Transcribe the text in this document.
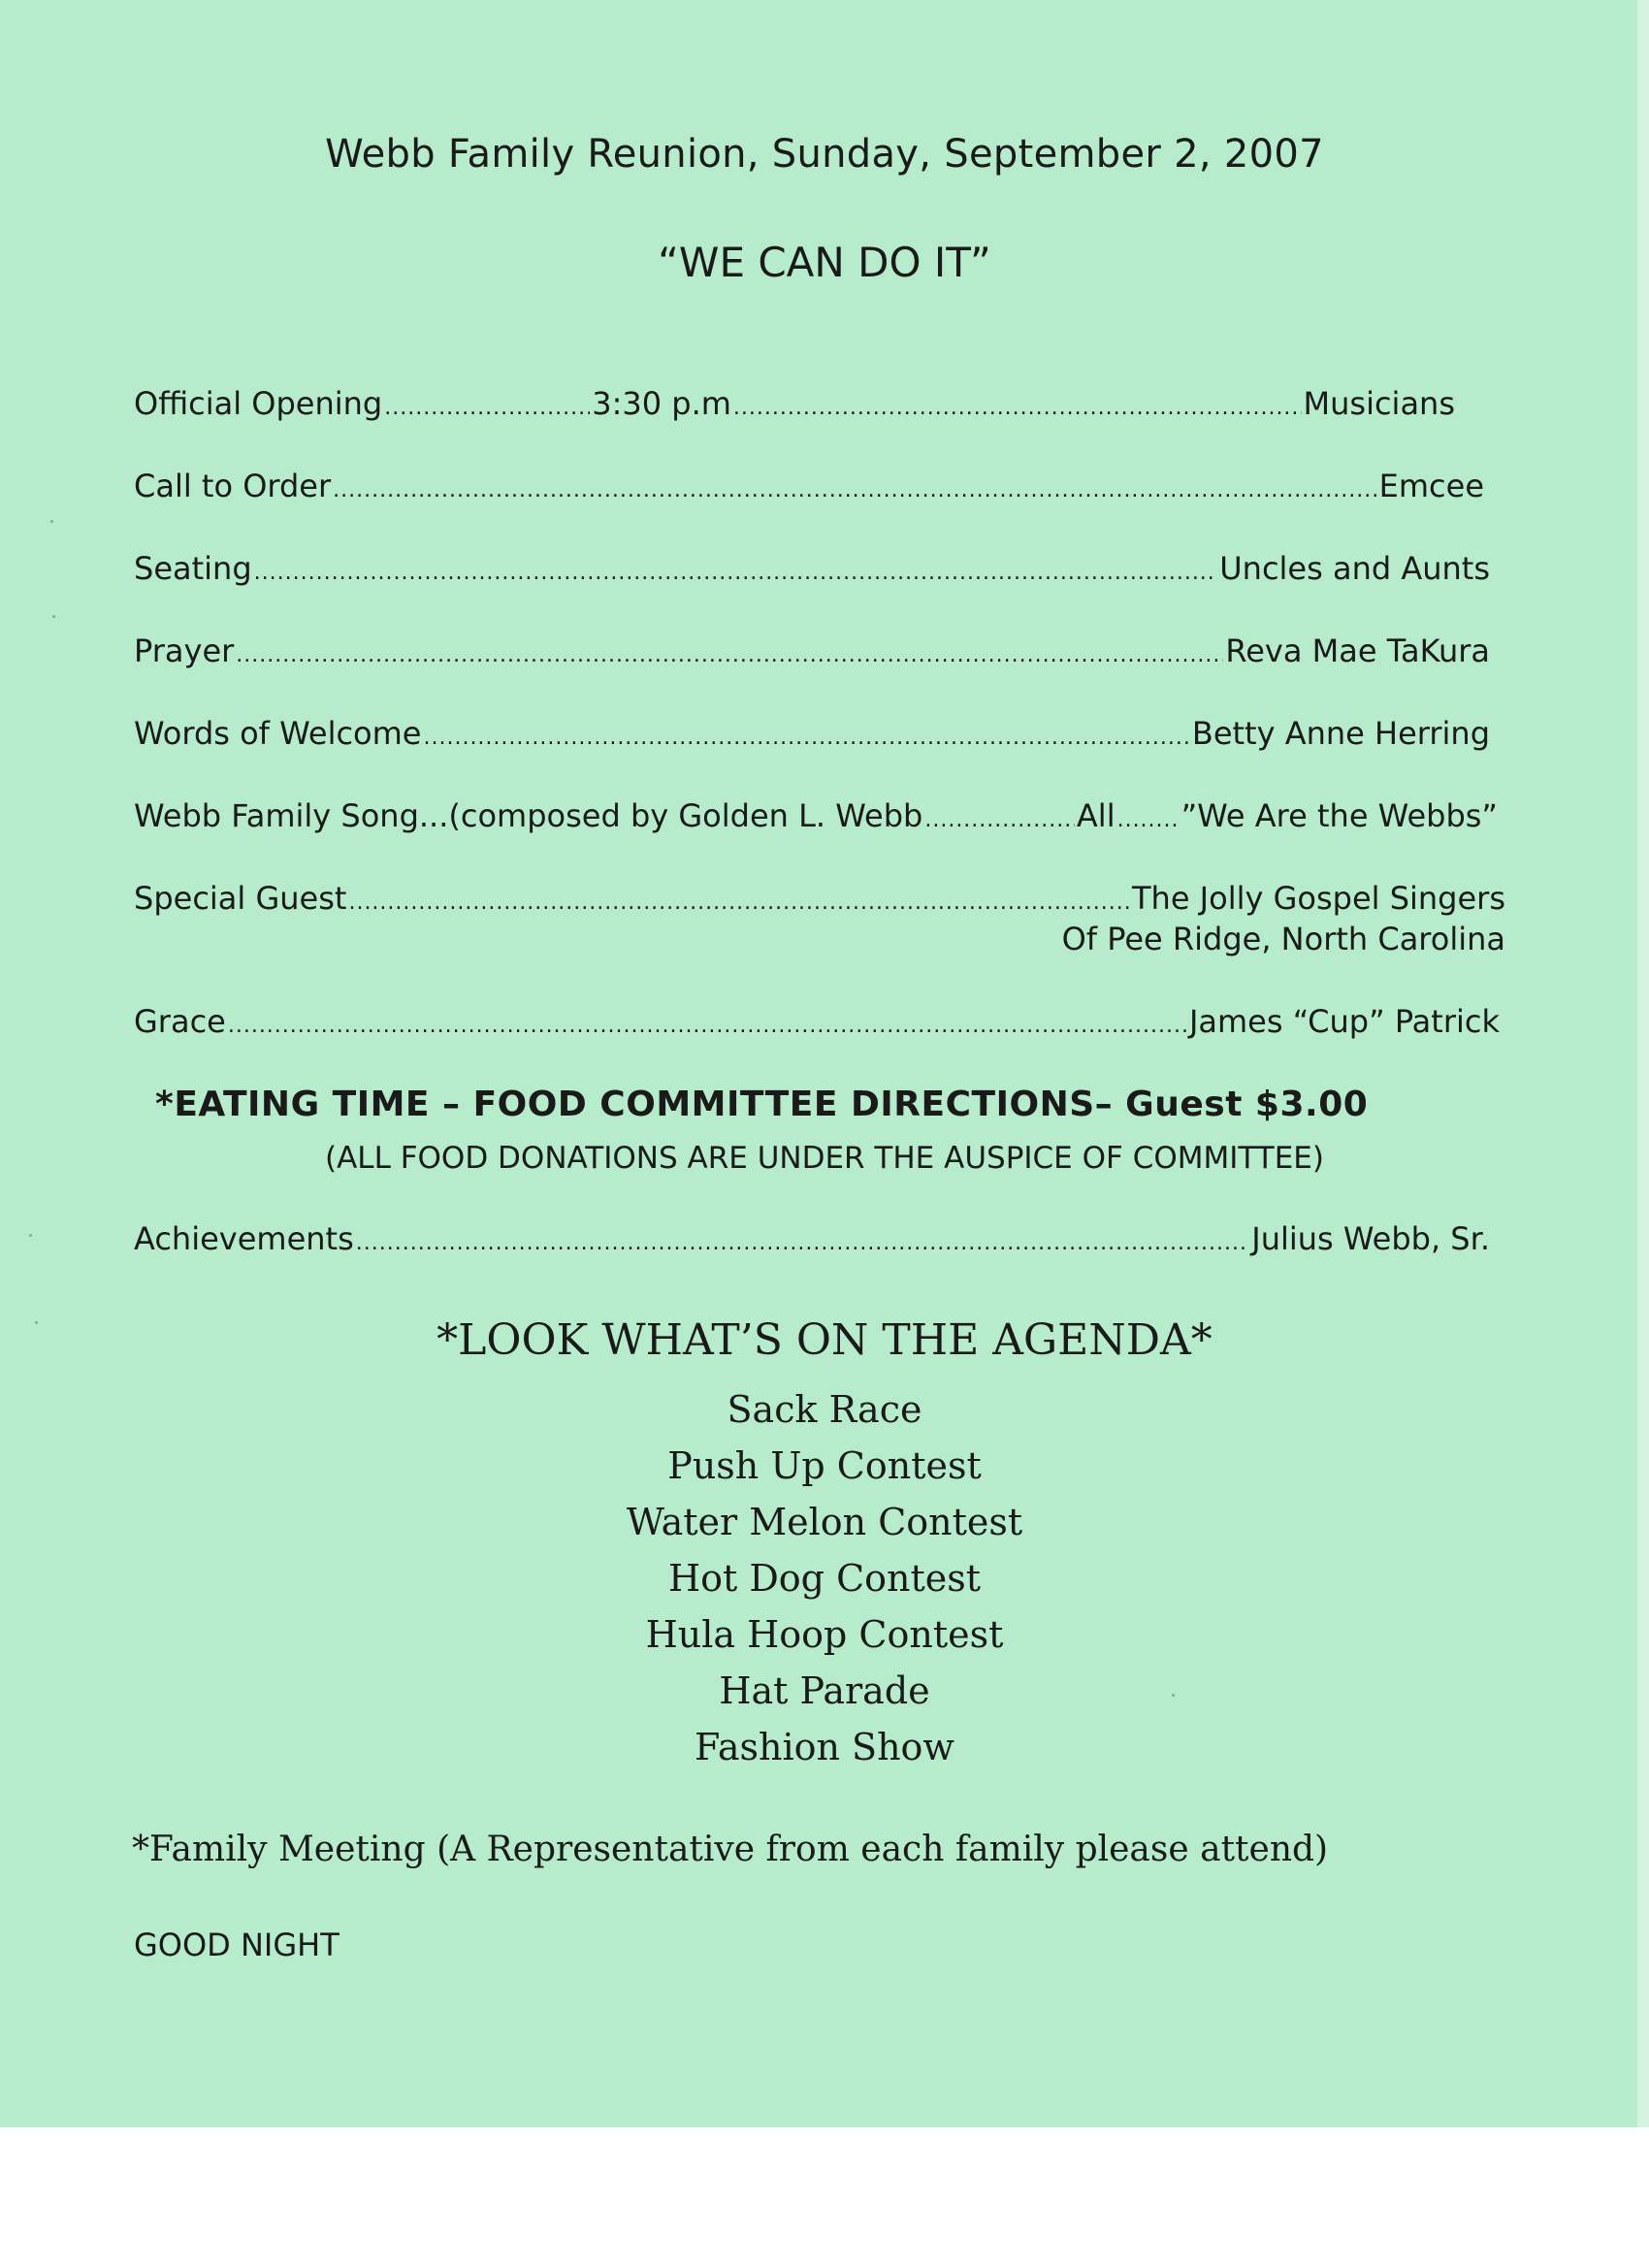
Webb Family Reunion, Sunday, September 2, 2007
“WE CAN DO IT”
Official Opening .....	3:30 p.m .....	Musicians
Call to Order .....	Emcee
Seating .....	Uncles and Aunts
Prayer .....	Reva Mae TaKura
Words of Welcome .....	Betty Anne Herring
Webb Family Song...(composed by Golden L. Webb .....	All ..... ”We Are the Webbs”
Special Guest .....	The Jolly Gospel Singers
Of Pee Ridge, North Carolina
Grace .....	James “Cup” Patrick
*EATING TIME – FOOD COMMITTEE DIRECTIONS– Guest $3.00
(ALL FOOD DONATIONS ARE UNDER THE AUSPICE OF COMMITTEE)
Achievements .....	Julius Webb, Sr.
*LOOK WHAT’S ON THE AGENDA*
Sack Race
Push Up Contest
Water Melon Contest
Hot Dog Contest
Hula Hoop Contest
Hat Parade
Fashion Show
*Family Meeting (A Representative from each family please attend)
GOOD NIGHT
